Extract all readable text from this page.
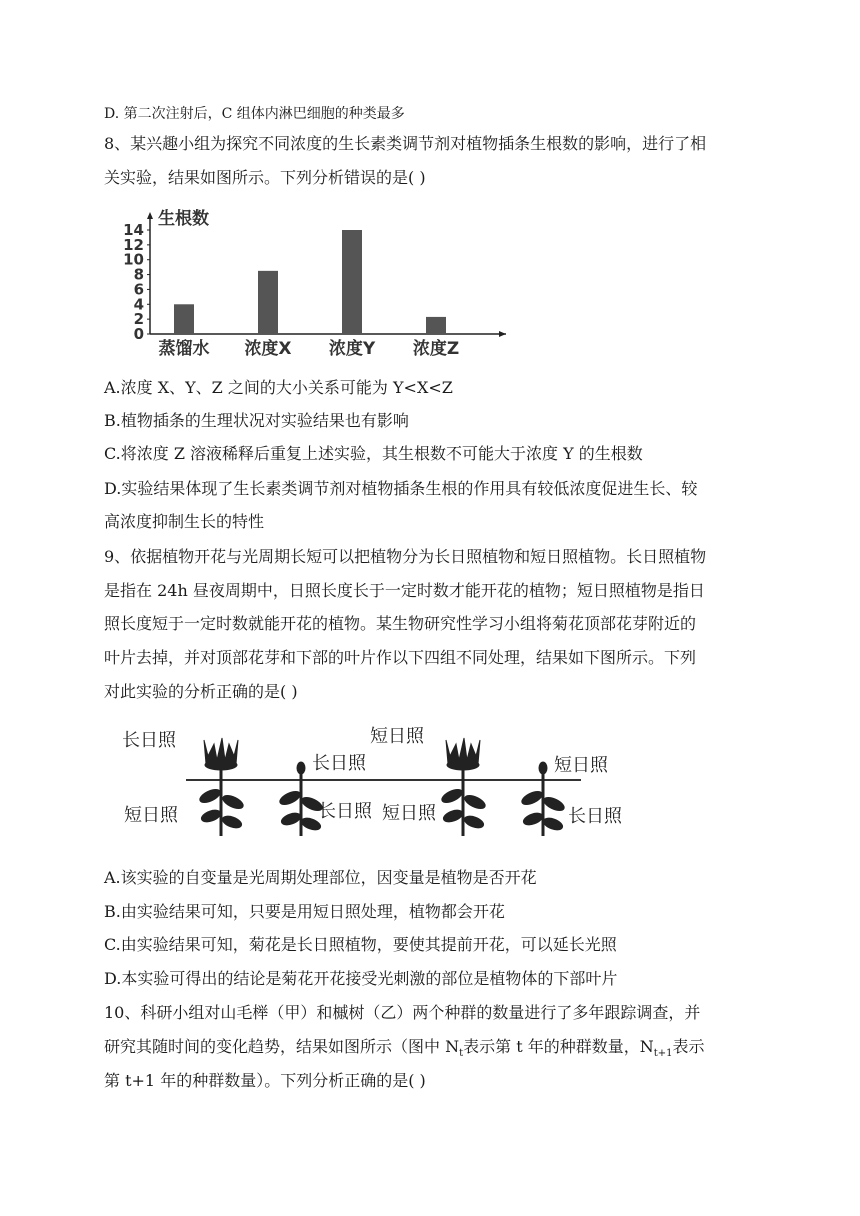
D. 第二次注射后，C 组体内淋巴细胞的种类最多
8、某兴趣小组为探究不同浓度的生长素类调节剂对植物插条生根数的影响，进行了相
关实验，结果如图所示。下列分析错误的是( )
生根数
0
2
4
6
8
10
12
14
蒸馏水 浓度X 浓度Y 浓度Z
A.浓度 X、Y、Z 之间的大小关系可能为 Y<X<Z
B.植物插条的生理状况对实验结果也有影响
C.将浓度 Z 溶液稀释后重复上述实验，其生根数不可能大于浓度 Y 的生根数
D.实验结果体现了生长素类调节剂对植物插条生根的作用具有较低浓度促进生长、较
高浓度抑制生长的特性
9、依据植物开花与光周期长短可以把植物分为长日照植物和短日照植物。长日照植物
是指在 24h 昼夜周期中，日照长度长于一定时数才能开花的植物；短日照植物是指日
照长度短于一定时数就能开花的植物。某生物研究性学习小组将菊花顶部花芽附近的
叶片去掉，并对顶部花芽和下部的叶片作以下四组不同处理，结果如下图所示。下列
对此实验的分析正确的是( )
长日照
短日照
长日照
长日照
短日照
短日照
短日照
长日照
A.该实验的自变量是光周期处理部位，因变量是植物是否开花
B.由实验结果可知，只要是用短日照处理，植物都会开花
C.由实验结果可知，菊花是长日照植物，要使其提前开花，可以延长光照
D.本实验可得出的结论是菊花开花接受光刺激的部位是植物体的下部叶片
10、科研小组对山毛榉（甲）和槭树（乙）两个种群的数量进行了多年跟踪调查，并
研究其随时间的变化趋势，结果如图所示（图中 $N_t$表示第 t 年的种群数量，$N_{t+1}$表示
第 t+1 年的种群数量）。下列分析正确的是( )
